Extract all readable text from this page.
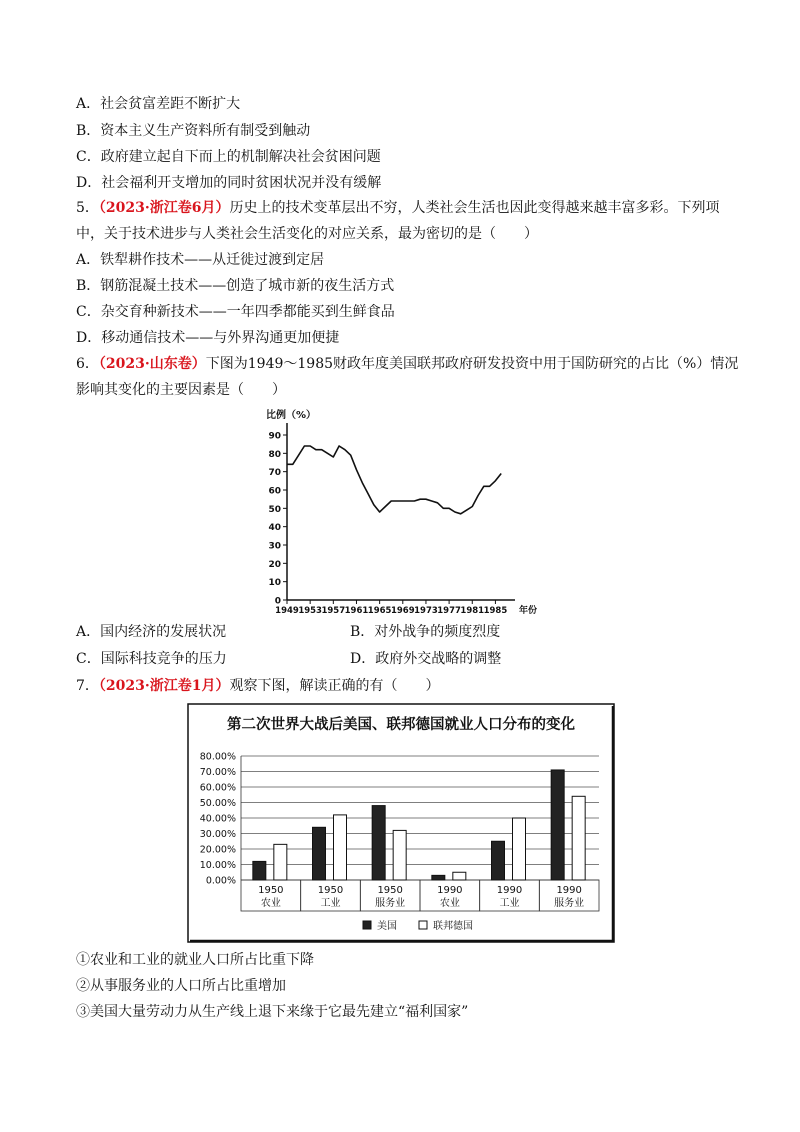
A．社会贫富差距不断扩大
B．资本主义生产资料所有制受到触动
C．政府建立起自下而上的机制解决社会贫困问题
D．社会福利开支增加的同时贫困状况并没有缓解
5．（2023·浙江卷6月）历史上的技术变革层出不穷，人类社会生活也因此变得越来越丰富多彩。下列项
中，关于技术进步与人类社会生活变化的对应关系，最为密切的是（　　）
A．铁犁耕作技术——从迁徙过渡到定居
B．钢筋混凝土技术——创造了城市新的夜生活方式
C．杂交育种新技术——一年四季都能买到生鲜食品
D．移动通信技术——与外界沟通更加便捷
6．（2023·山东卷）下图为1949～1985财政年度美国联邦政府研发投资中用于国防研究的占比（%）情况
影响其变化的主要因素是（　　）
比例（%）
0
10
20
30
40
50
60
70
80
90
1949 1953 1957 1961 1965 1969 1973 1977 1981 1985 年份
A．国内经济的发展状况	B．对外战争的频度烈度
C．国际科技竞争的压力	D．政府外交战略的调整
7．（2023·浙江卷1月）观察下图，解读正确的有（　　）
第二次世界大战后美国、联邦德国就业人口分布的变化
0.00%
10.00%
20.00%
30.00%
40.00%
50.00%
60.00%
70.00%
80.00%
1950
农业
1950
工业
1950
服务业
1990
农业
1990
工业
1990
服务业
美国	联邦德国
①农业和工业的就业人口所占比重下降
②从事服务业的人口所占比重增加
③美国大量劳动力从生产线上退下来缘于它最先建立“福利国家”
